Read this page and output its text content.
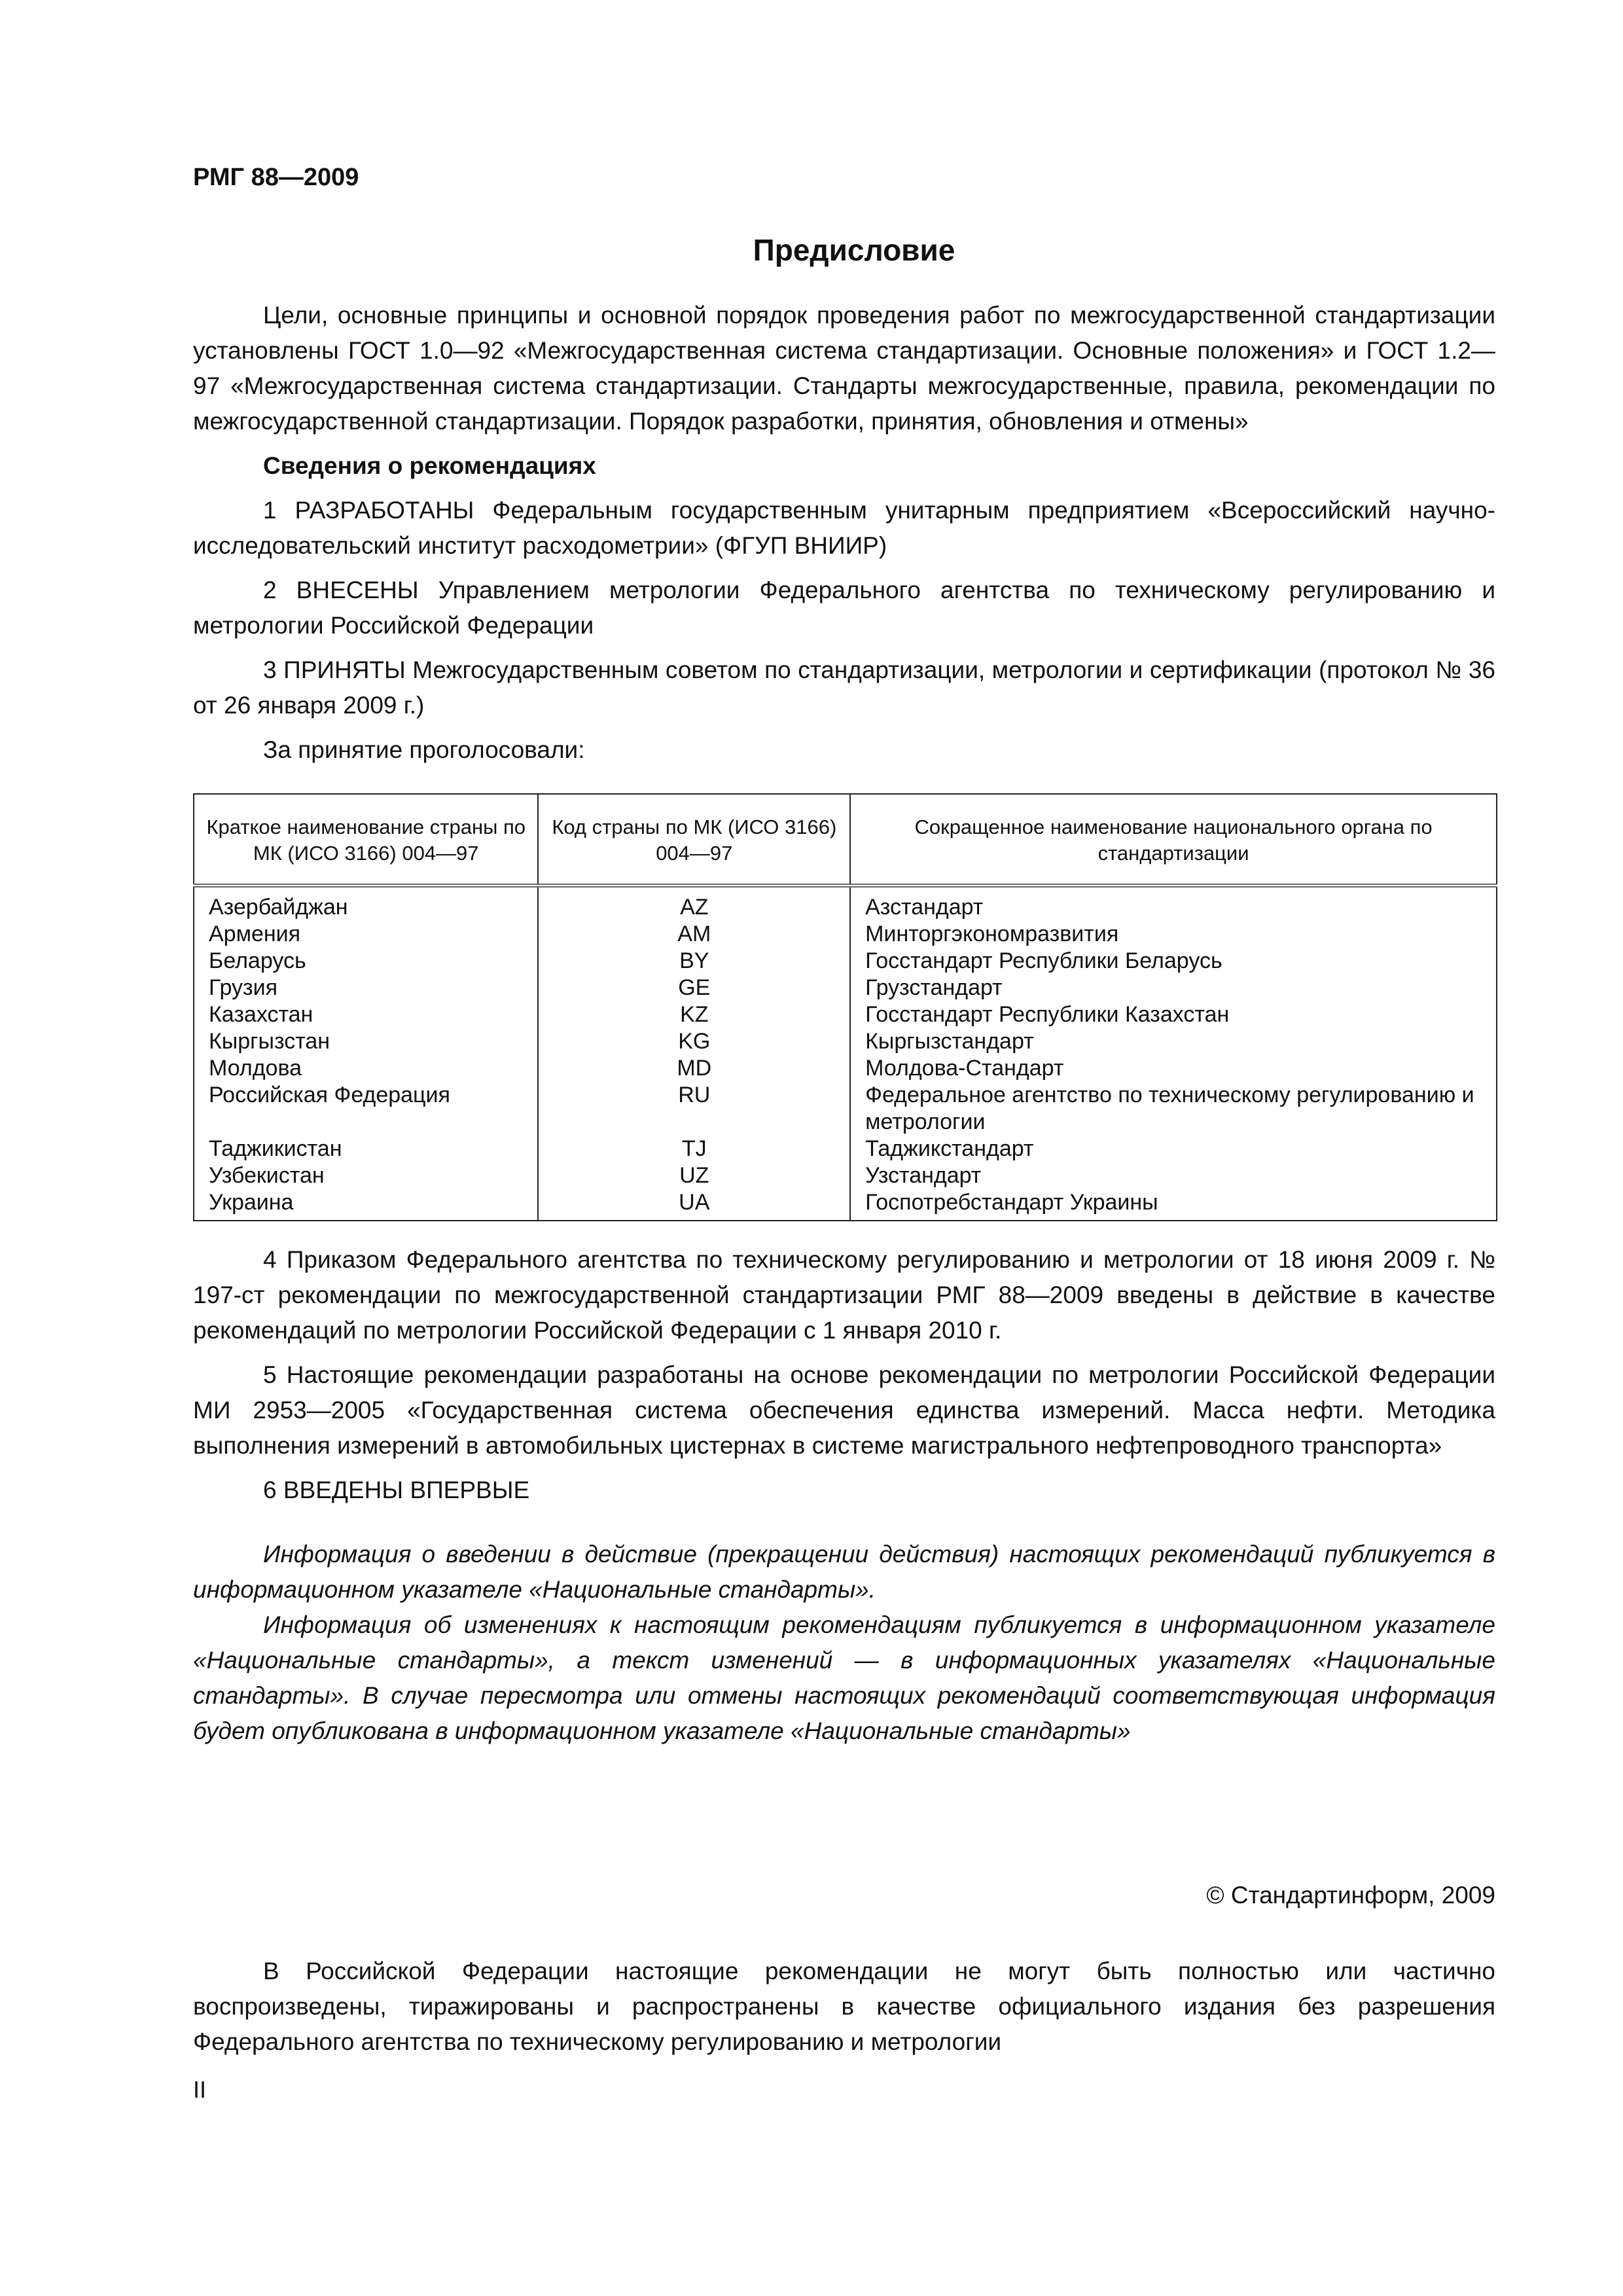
РМГ 88—2009
Предисловие

Цели, основные принципы и основной порядок проведения работ по межгосударственной стандартизации установлены ГОСТ 1.0—92 «Межгосударственная система стандартизации. Основные положения» и ГОСТ 1.2—97 «Межгосударственная система стандартизации. Стандарты межгосударственные, правила, рекомендации по межгосударственной стандартизации. Порядок разработки, принятия, обновления и отмены»

Сведения о рекомендациях

1 РАЗРАБОТАНЫ Федеральным государственным унитарным предприятием «Всероссийский научно-исследовательский институт расходометрии» (ФГУП ВНИИР)

2 ВНЕСЕНЫ Управлением метрологии Федерального агентства по техническому регулированию и метрологии Российской Федерации

3 ПРИНЯТЫ Межгосударственным советом по стандартизации, метрологии и сертификации (протокол № 36 от 26 января 2009 г.)

За принятие проголосовали:

Краткое наименование страны по МК (ИСО 3166) 004—97	Код страны по МК (ИСО 3166) 004—97	Сокращенное наименование национального органа по стандартизации
Азербайджан	AZ	Азстандарт
Армения	AM	Минторгэкономразвития
Беларусь	BY	Госстандарт Республики Беларусь
Грузия	GE	Грузстандарт
Казахстан	KZ	Госстандарт Республики Казахстан
Кыргызстан	KG	Кыргызстандарт
Молдова	MD	Молдова-Стандарт
Российская Федерация	RU	Федеральное агентство по техническому регулированию и метрологии
Таджикистан	TJ	Таджикстандарт
Узбекистан	UZ	Узстандарт
Украина	UA	Госпотребстандарт Украины

4 Приказом Федерального агентства по техническому регулированию и метрологии от 18 июня 2009 г. № 197-ст рекомендации по межгосударственной стандартизации РМГ 88—2009 введены в действие в качестве рекомендаций по метрологии Российской Федерации с 1 января 2010 г.

5 Настоящие рекомендации разработаны на основе рекомендации по метрологии Российской Федерации МИ 2953—2005 «Государственная система обеспечения единства измерений. Масса нефти. Методика выполнения измерений в автомобильных цистернах в системе магистрального нефтепроводного транспорта»

6 ВВЕДЕНЫ ВПЕРВЫЕ

Информация о введении в действие (прекращении действия) настоящих рекомендаций публикуется в информационном указателе «Национальные стандарты».

Информация об изменениях к настоящим рекомендациям публикуется в информационном указателе «Национальные стандарты», а текст изменений — в информационных указателях «Национальные стандарты». В случае пересмотра или отмены настоящих рекомендаций соответствующая информация будет опубликована в информационном указателе «Национальные стандарты»

© Стандартинформ, 2009

В Российской Федерации настоящие рекомендации не могут быть полностью или частично воспроизведены, тиражированы и распространены в качестве официального издания без разрешения Федерального агентства по техническому регулированию и метрологии

II
